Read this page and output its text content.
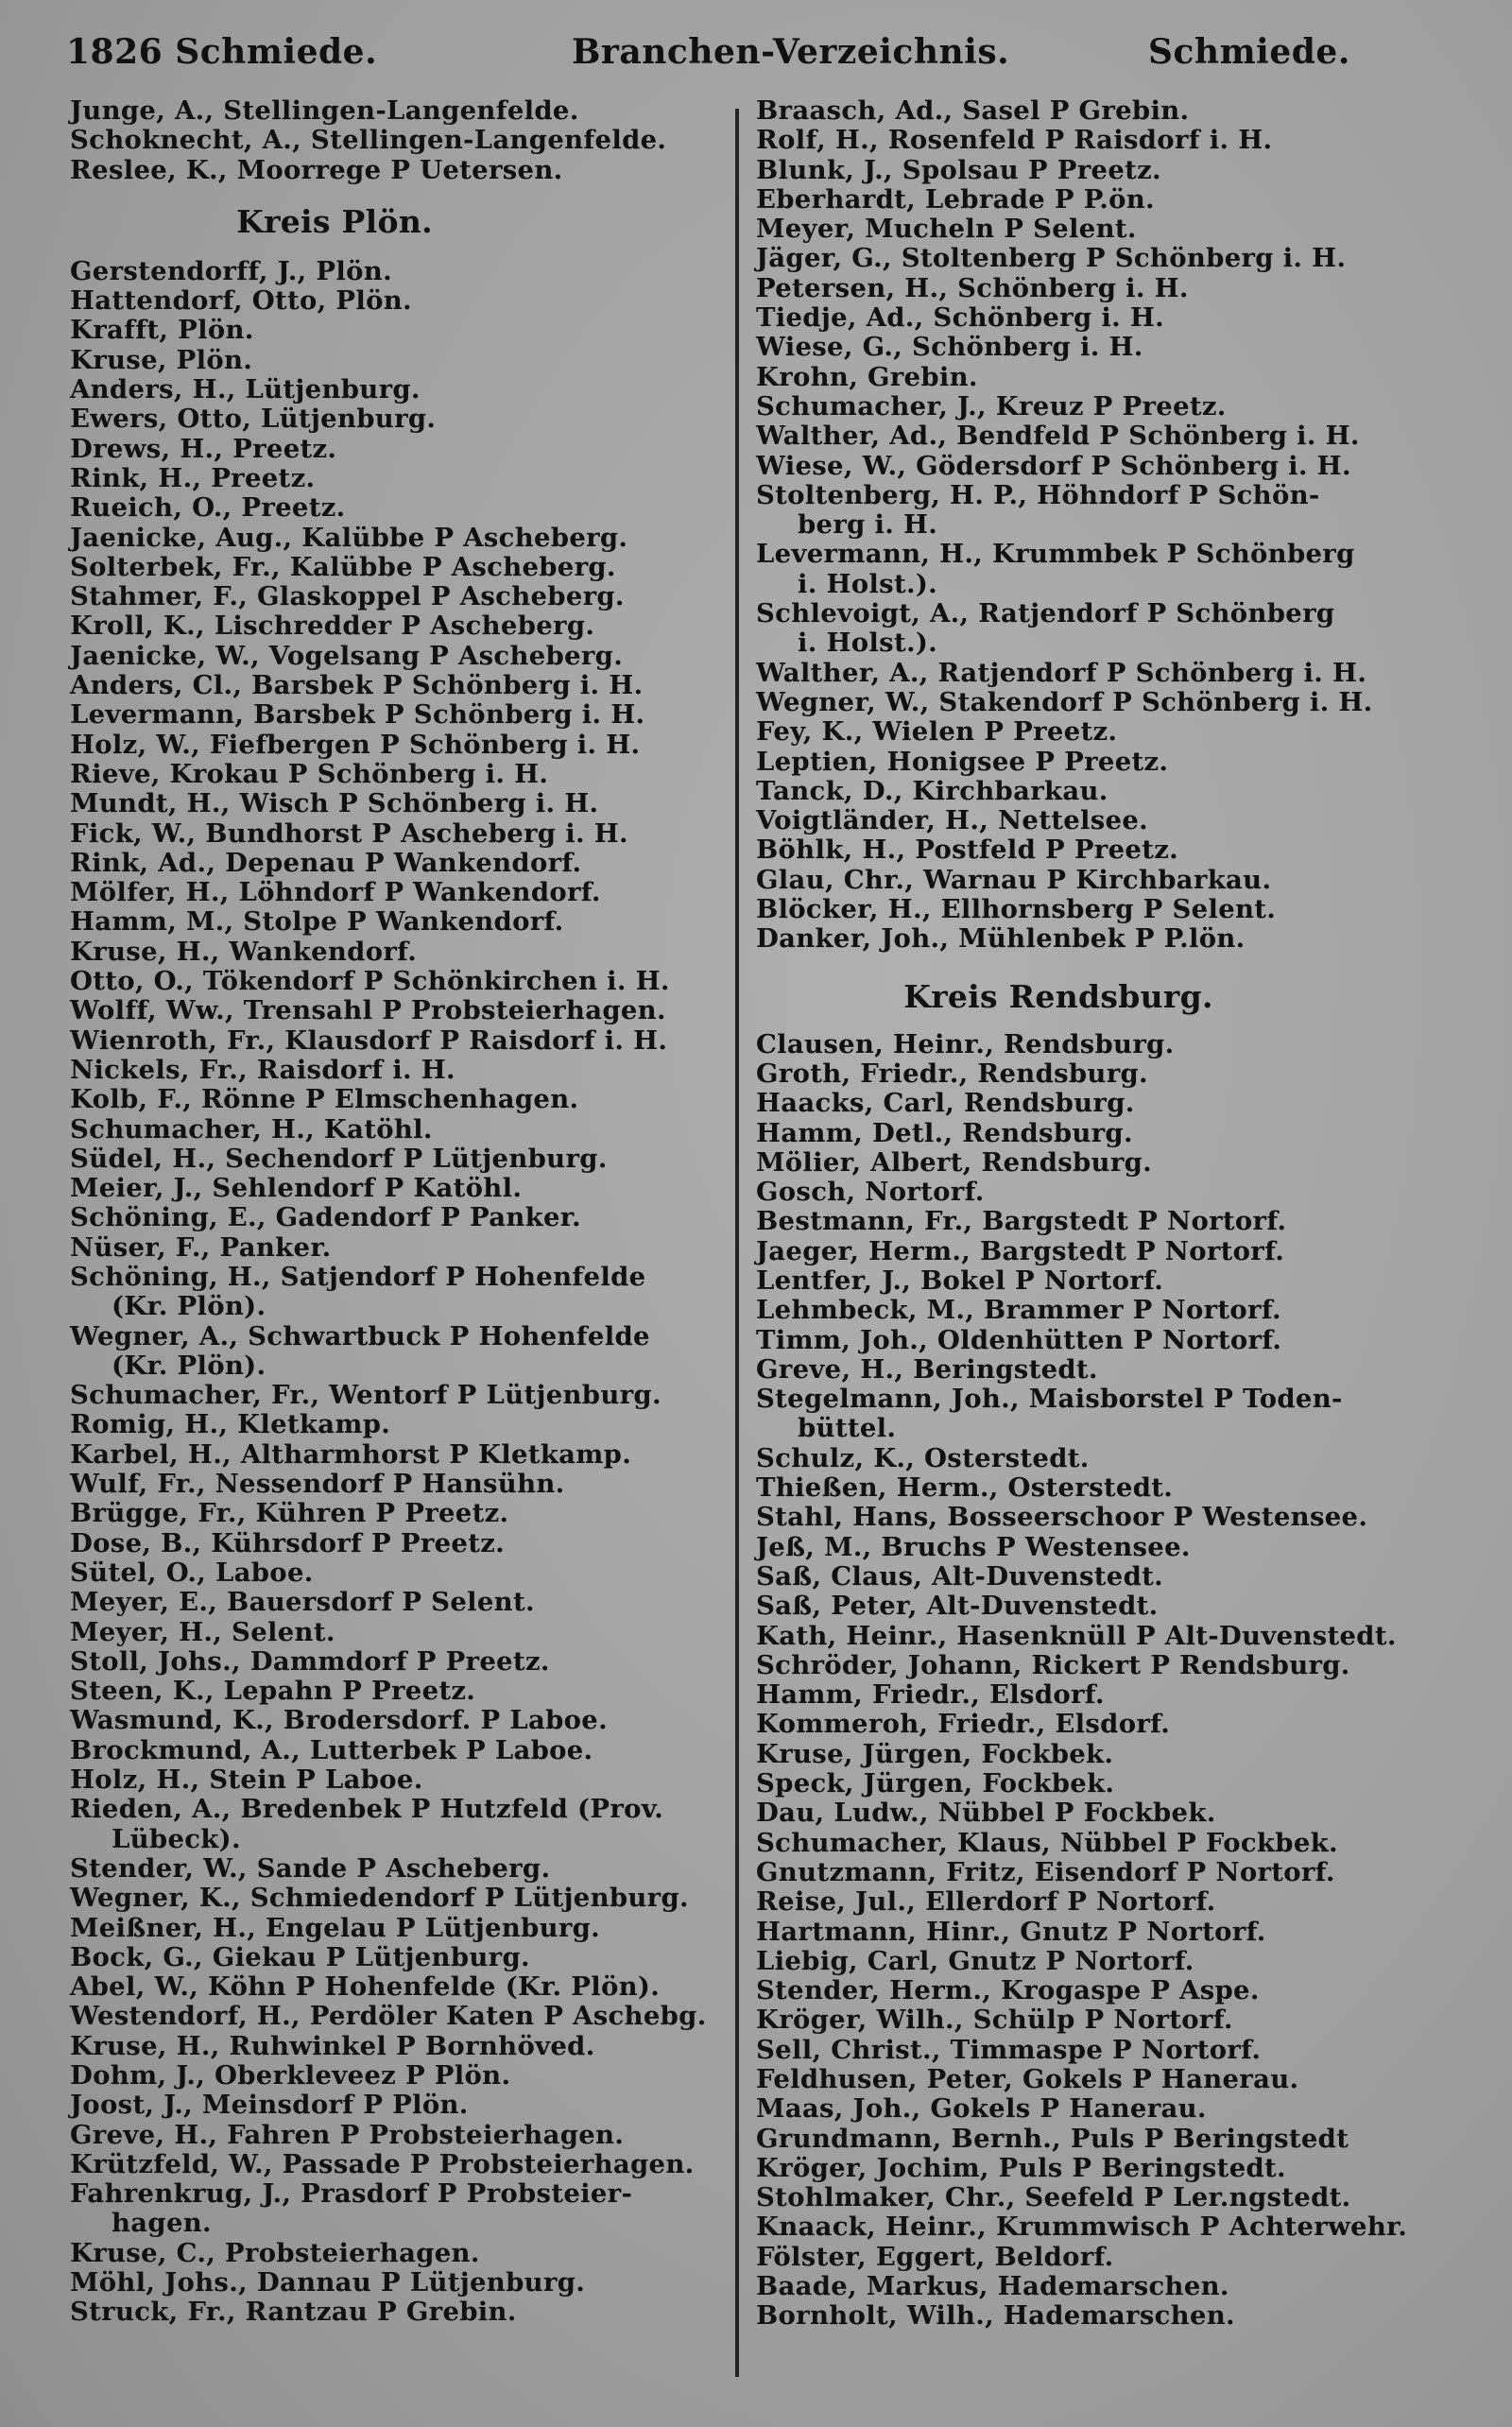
1826 Schmiede.	Branchen-Verzeichnis.	Schmiede.
Junge, A., Stellingen-Langenfelde.
Schoknecht, A., Stellingen-Langenfelde.
Reslee, K., Moorrege P Uetersen.
Kreis Plön.
Gerstendorff, J., Plön.
Hattendorf, Otto, Plön.
Krafft, Plön.
Kruse, Plön.
Anders, H., Lütjenburg.
Ewers, Otto, Lütjenburg.
Drews, H., Preetz.
Rink, H., Preetz.
Rueich, O., Preetz.
Jaenicke, Aug., Kalübbe P Ascheberg.
Solterbek, Fr., Kalübbe P Ascheberg.
Stahmer, F., Glaskoppel P Ascheberg.
Kroll, K., Lischredder P Ascheberg.
Jaenicke, W., Vogelsang P Ascheberg.
Anders, Cl., Barsbek P Schönberg i. H.
Levermann, Barsbek P Schönberg i. H.
Holz, W., Fiefbergen P Schönberg i. H.
Rieve, Krokau P Schönberg i. H.
Mundt, H., Wisch P Schönberg i. H.
Fick, W., Bundhorst P Ascheberg i. H.
Rink, Ad., Depenau P Wankendorf.
Mölfer, H., Löhndorf P Wankendorf.
Hamm, M., Stolpe P Wankendorf.
Kruse, H., Wankendorf.
Otto, O., Tökendorf P Schönkirchen i. H.
Wolff, Ww., Trensahl P Probsteierhagen.
Wienroth, Fr., Klausdorf P Raisdorf i. H.
Nickels, Fr., Raisdorf i. H.
Kolb, F., Rönne P Elmschenhagen.
Schumacher, H., Katöhl.
Südel, H., Sechendorf P Lütjenburg.
Meier, J., Sehlendorf P Katöhl.
Schöning, E., Gadendorf P Panker.
Nüser, F., Panker.
Schöning, H., Satjendorf P Hohenfelde
(Kr. Plön).
Wegner, A., Schwartbuck P Hohenfelde
(Kr. Plön).
Schumacher, Fr., Wentorf P Lütjenburg.
Romig, H., Kletkamp.
Karbel, H., Altharmhorst P Kletkamp.
Wulf, Fr., Nessendorf P Hansühn.
Brügge, Fr., Kühren P Preetz.
Dose, B., Kührsdorf P Preetz.
Sütel, O., Laboe.
Meyer, E., Bauersdorf P Selent.
Meyer, H., Selent.
Stoll, Johs., Dammdorf P Preetz.
Steen, K., Lepahn P Preetz.
Wasmund, K., Brodersdorf. P Laboe.
Brockmund, A., Lutterbek P Laboe.
Holz, H., Stein P Laboe.
Rieden, A., Bredenbek P Hutzfeld (Prov.
Lübeck).
Stender, W., Sande P Ascheberg.
Wegner, K., Schmiedendorf P Lütjenburg.
Meißner, H., Engelau P Lütjenburg.
Bock, G., Giekau P Lütjenburg.
Abel, W., Köhn P Hohenfelde (Kr. Plön).
Westendorf, H., Perdöler Katen P Aschebg.
Kruse, H., Ruhwinkel P Bornhöved.
Dohm, J., Oberkleveez P Plön.
Joost, J., Meinsdorf P Plön.
Greve, H., Fahren P Probsteierhagen.
Krützfeld, W., Passade P Probsteierhagen.
Fahrenkrug, J., Prasdorf P Probsteier-
hagen.
Kruse, C., Probsteierhagen.
Möhl, Johs., Dannau P Lütjenburg.
Struck, Fr., Rantzau P Grebin.
Braasch, Ad., Sasel P Grebin.
Rolf, H., Rosenfeld P Raisdorf i. H.
Blunk, J., Spolsau P Preetz.
Eberhardt, Lebrade P P.ön.
Meyer, Mucheln P Selent.
Jäger, G., Stoltenberg P Schönberg i. H.
Petersen, H., Schönberg i. H.
Tiedje, Ad., Schönberg i. H.
Wiese, G., Schönberg i. H.
Krohn, Grebin.
Schumacher, J., Kreuz P Preetz.
Walther, Ad., Bendfeld P Schönberg i. H.
Wiese, W., Gödersdorf P Schönberg i. H.
Stoltenberg, H. P., Höhndorf P Schön-
berg i. H.
Levermann, H., Krummbek P Schönberg
i. Holst.).
Schlevoigt, A., Ratjendorf P Schönberg
i. Holst.).
Walther, A., Ratjendorf P Schönberg i. H.
Wegner, W., Stakendorf P Schönberg i. H.
Fey, K., Wielen P Preetz.
Leptien, Honigsee P Preetz.
Tanck, D., Kirchbarkau.
Voigtländer, H., Nettelsee.
Böhlk, H., Postfeld P Preetz.
Glau, Chr., Warnau P Kirchbarkau.
Blöcker, H., Ellhornsberg P Selent.
Danker, Joh., Mühlenbek P P.lön.
Kreis Rendsburg.
Clausen, Heinr., Rendsburg.
Groth, Friedr., Rendsburg.
Haacks, Carl, Rendsburg.
Hamm, Detl., Rendsburg.
Mölier, Albert, Rendsburg.
Gosch, Nortorf.
Bestmann, Fr., Bargstedt P Nortorf.
Jaeger, Herm., Bargstedt P Nortorf.
Lentfer, J., Bokel P Nortorf.
Lehmbeck, M., Brammer P Nortorf.
Timm, Joh., Oldenhütten P Nortorf.
Greve, H., Beringstedt.
Stegelmann, Joh., Maisborstel P Toden-
büttel.
Schulz, K., Osterstedt.
Thießen, Herm., Osterstedt.
Stahl, Hans, Bosseerschoor P Westensee.
Jeß, M., Bruchs P Westensee.
Saß, Claus, Alt-Duvenstedt.
Saß, Peter, Alt-Duvenstedt.
Kath, Heinr., Hasenknüll P Alt-Duvenstedt.
Schröder, Johann, Rickert P Rendsburg.
Hamm, Friedr., Elsdorf.
Kommeroh, Friedr., Elsdorf.
Kruse, Jürgen, Fockbek.
Speck, Jürgen, Fockbek.
Dau, Ludw., Nübbel P Fockbek.
Schumacher, Klaus, Nübbel P Fockbek.
Gnutzmann, Fritz, Eisendorf P Nortorf.
Reise, Jul., Ellerdorf P Nortorf.
Hartmann, Hinr., Gnutz P Nortorf.
Liebig, Carl, Gnutz P Nortorf.
Stender, Herm., Krogaspe P Aspe.
Kröger, Wilh., Schülp P Nortorf.
Sell, Christ., Timmaspe P Nortorf.
Feldhusen, Peter, Gokels P Hanerau.
Maas, Joh., Gokels P Hanerau.
Grundmann, Bernh., Puls P Beringstedt
Kröger, Jochim, Puls P Beringstedt.
Stohlmaker, Chr., Seefeld P Ler.ngstedt.
Knaack, Heinr., Krummwisch P Achterwehr.
Fölster, Eggert, Beldorf.
Baade, Markus, Hademarschen.
Bornholt, Wilh., Hademarschen.
